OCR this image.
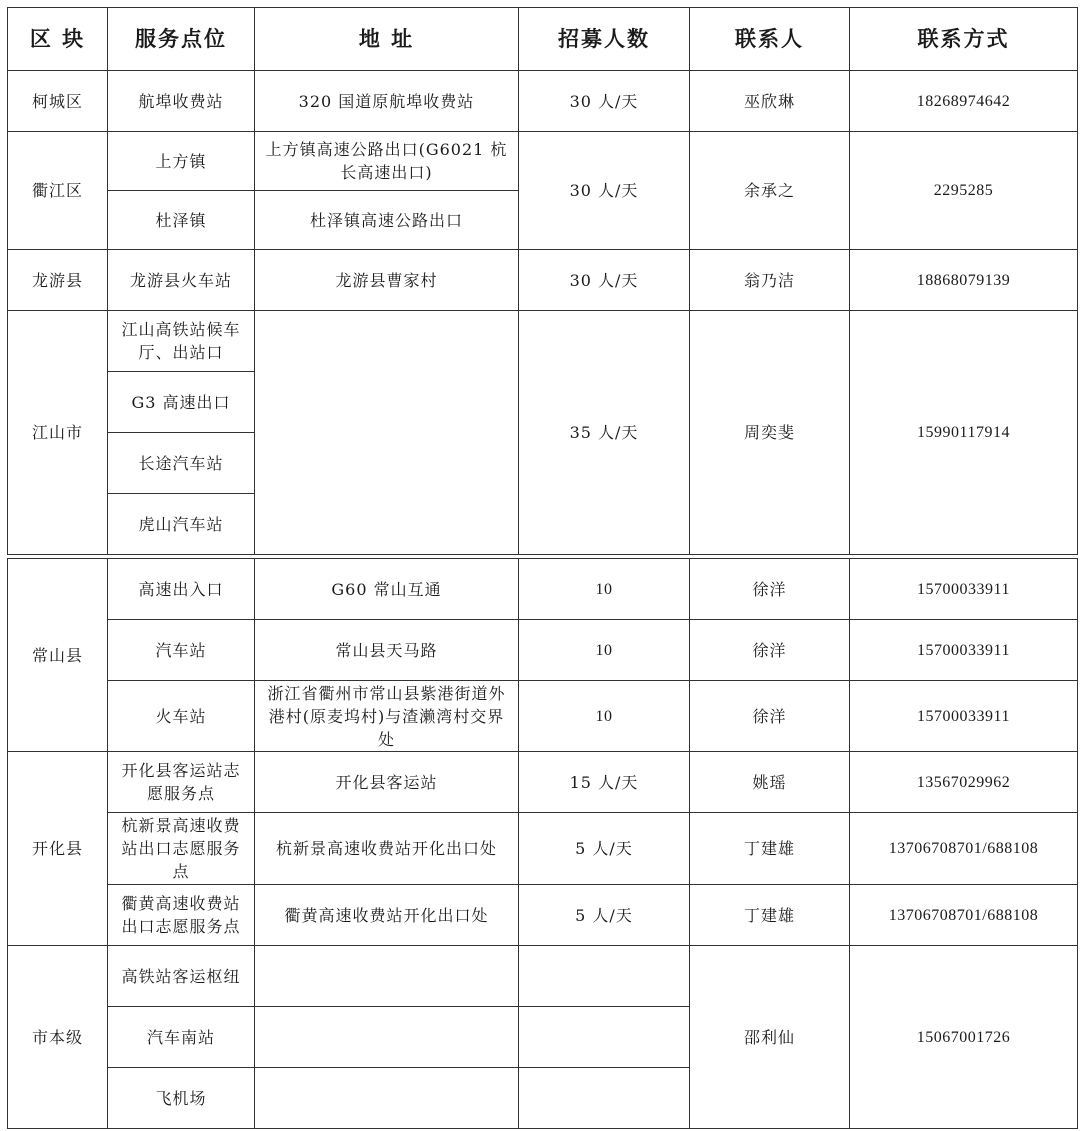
区 块	服务点位	地 址	招募人数	联系人	联系方式
柯城区	航埠收费站	320 国道原航埠收费站	30 人/天	巫欣琳	18268974642
衢江区	上方镇	上方镇高速公路出口(G6021 杭长高速出口)	30 人/天	余承之	2295285
	杜泽镇	杜泽镇高速公路出口			
龙游县	龙游县火车站	龙游县曹家村	30 人/天	翁乃洁	18868079139
江山市	江山高铁站候车厅、出站口		35 人/天	周奕斐	15990117914
	G3 高速出口				
	长途汽车站				
	虎山汽车站				
常山县	高速出入口	G60 常山互通	10	徐洋	15700033911
	汽车站	常山县天马路	10	徐洋	15700033911
	火车站	浙江省衢州市常山县紫港街道外港村(原麦坞村)与渣濑湾村交界处	10	徐洋	15700033911
开化县	开化县客运站志愿服务点	开化县客运站	15 人/天	姚瑶	13567029962
	杭新景高速收费站出口志愿服务点	杭新景高速收费站开化出口处	5 人/天	丁建雄	13706708701/688108
	衢黄高速收费站出口志愿服务点	衢黄高速收费站开化出口处	5 人/天	丁建雄	13706708701/688108
市本级	高铁站客运枢纽			邵利仙	15067001726
	汽车南站				
	飞机场				
